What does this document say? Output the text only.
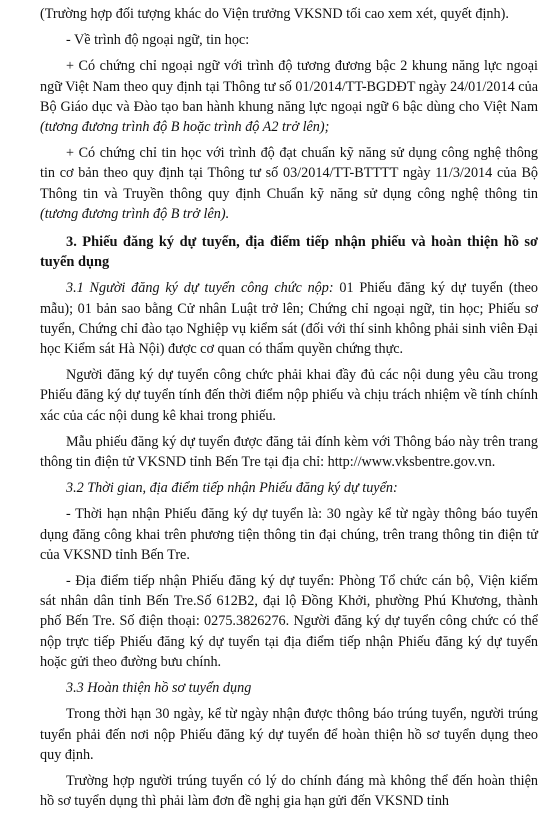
(Trường hợp đối tượng khác do Viện trưởng VKSND tối cao xem xét, quyết định).

- Về trình độ ngoại ngữ, tin học:

+ Có chứng chỉ ngoại ngữ với trình độ tương đương bậc 2 khung năng lực ngoại ngữ Việt Nam theo quy định tại Thông tư số 01/2014/TT-BGDĐT ngày 24/01/2014 của Bộ Giáo dục và Đào tạo ban hành khung năng lực ngoại ngữ 6 bậc dùng cho Việt Nam (tương đương trình độ B hoặc trình độ A2 trở lên);

+ Có chứng chỉ tin học với trình độ đạt chuẩn kỹ năng sử dụng công nghệ thông tin cơ bản theo quy định tại Thông tư số 03/2014/TT-BTTTT ngày 11/3/2014 của Bộ Thông tin và Truyền thông quy định Chuẩn kỹ năng sử dụng công nghệ thông tin (tương đương trình độ B trở lên).

3. Phiếu đăng ký dự tuyển, địa điểm tiếp nhận phiếu và hoàn thiện hồ sơ tuyển dụng

3.1 Người đăng ký dự tuyển công chức nộp: 01 Phiếu đăng ký dự tuyển (theo mẫu); 01 bản sao bằng Cử nhân Luật trở lên; Chứng chỉ ngoại ngữ, tin học; Phiếu sơ tuyển, Chứng chỉ đào tạo Nghiệp vụ kiểm sát (đối với thí sinh không phải sinh viên Đại học Kiểm sát Hà Nội) được cơ quan có thẩm quyền chứng thực.

Người đăng ký dự tuyển công chức phải khai đầy đủ các nội dung yêu cầu trong Phiếu đăng ký dự tuyển tính đến thời điểm nộp phiếu và chịu trách nhiệm về tính chính xác của các nội dung kê khai trong phiếu.

Mẫu phiếu đăng ký dự tuyển được đăng tải đính kèm với Thông báo này trên trang thông tin điện tử VKSND tỉnh Bến Tre tại địa chỉ: http://www.vksbentre.gov.vn.

3.2 Thời gian, địa điểm tiếp nhận Phiếu đăng ký dự tuyển:

- Thời hạn nhận Phiếu đăng ký dự tuyển là: 30 ngày kể từ ngày thông báo tuyển dụng đăng công khai trên phương tiện thông tin đại chúng, trên trang thông tin điện tử của VKSND tỉnh Bến Tre.

- Địa điểm tiếp nhận Phiếu đăng ký dự tuyển: Phòng Tổ chức cán bộ, Viện kiểm sát nhân dân tỉnh Bến Tre.Số 612B2, đại lộ Đồng Khởi, phường Phú Khương, thành phố Bến Tre. Số điện thoại: 0275.3826276. Người đăng ký dự tuyển công chức có thể nộp trực tiếp Phiếu đăng ký dự tuyển tại địa điểm tiếp nhận Phiếu đăng ký dự tuyển hoặc gửi theo đường bưu chính.

3.3 Hoàn thiện hồ sơ tuyển dụng

Trong thời hạn 30 ngày, kể từ ngày nhận được thông báo trúng tuyển, người trúng tuyển phải đến nơi nộp Phiếu đăng ký dự tuyển để hoàn thiện hồ sơ tuyển dụng theo quy định.

Trường hợp người trúng tuyển có lý do chính đáng mà không thể đến hoàn thiện hồ sơ tuyển dụng thì phải làm đơn đề nghị gia hạn gửi đến VKSND tỉnh
